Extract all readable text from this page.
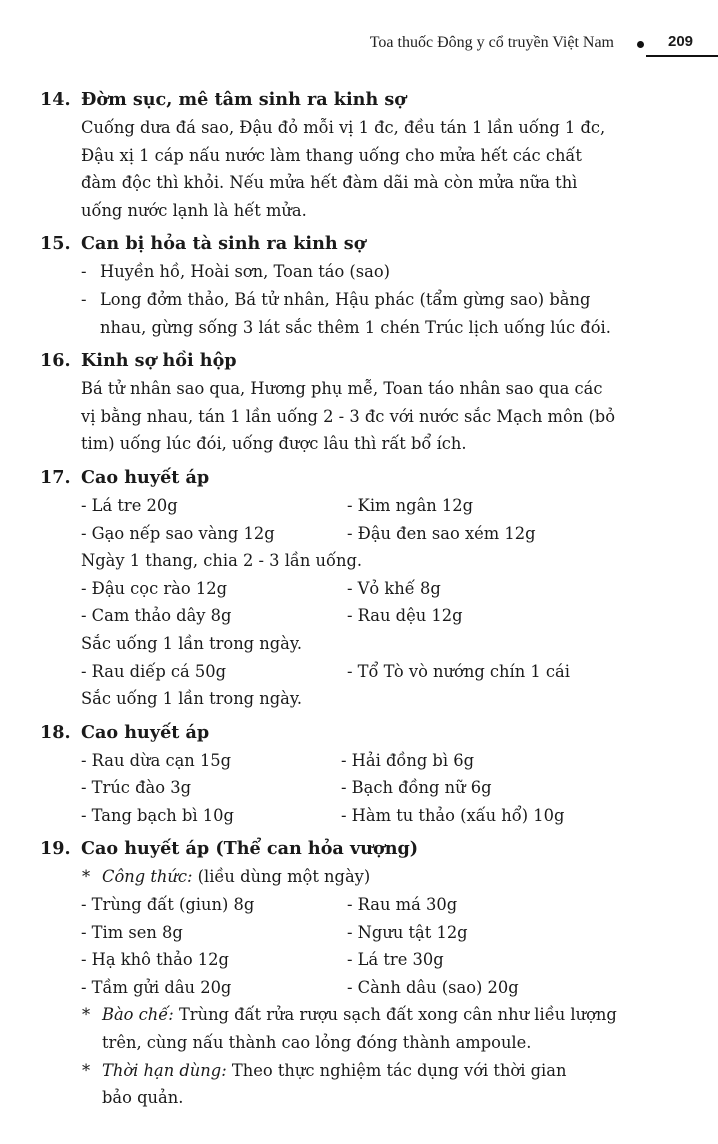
Toa thuốc Đông y cổ truyền Việt Nam	209
14. Đờm sục, mê tâm sinh ra kinh sợ
Cuống dưa đá sao, Đậu đỏ mỗi vị 1 đc, đều tán 1 lần uống 1 đc,
Đậu xị 1 cáp nấu nước làm thang uống cho mửa hết các chất
đàm độc thì khỏi. Nếu mửa hết đàm dãi mà còn mửa nữa thì
uống nước lạnh là hết mửa.
15. Can bị hỏa tà sinh ra kinh sợ
- Huyền hồ, Hoài sơn, Toan táo (sao)
- Long đởm thảo, Bá tử nhân, Hậu phác (tẩm gừng sao) bằng
nhau, gừng sống 3 lát sắc thêm 1 chén Trúc lịch uống lúc đói.
16. Kinh sợ hồi hộp
Bá tử nhân sao qua, Hương phụ mễ, Toan táo nhân sao qua các
vị bằng nhau, tán 1 lần uống 2 - 3 đc với nước sắc Mạch môn (bỏ
tim) uống lúc đói, uống được lâu thì rất bổ ích.
17. Cao huyết áp
- Lá tre 20g	- Kim ngân 12g
- Gạo nếp sao vàng 12g	- Đậu đen sao xém 12g
Ngày 1 thang, chia 2 - 3 lần uống.
- Đậu cọc rào 12g	- Vỏ khế 8g
- Cam thảo dây 8g	- Rau dệu 12g
Sắc uống 1 lần trong ngày.
- Rau diếp cá 50g	- Tổ Tò vò nướng chín 1 cái
Sắc uống 1 lần trong ngày.
18. Cao huyết áp
- Rau dừa cạn 15g	- Hải đồng bì 6g
- Trúc đào 3g	- Bạch đồng nữ 6g
- Tang bạch bì 10g	- Hàm tu thảo (xấu hổ) 10g
19. Cao huyết áp (Thể can hỏa vượng)
* Công thức: (liều dùng một ngày)
- Trùng đất (giun) 8g	- Rau má 30g
- Tim sen 8g	- Ngưu tật 12g
- Hạ khô thảo 12g	- Lá tre 30g
- Tầm gửi dâu 20g	- Cành dâu (sao) 20g
* Bào chế: Trùng đất rửa rượu sạch đất xong cân như liều lượng
trên, cùng nấu thành cao lỏng đóng thành ampoule.
* Thời hạn dùng: Theo thực nghiệm tác dụng với thời gian
bảo quản.
